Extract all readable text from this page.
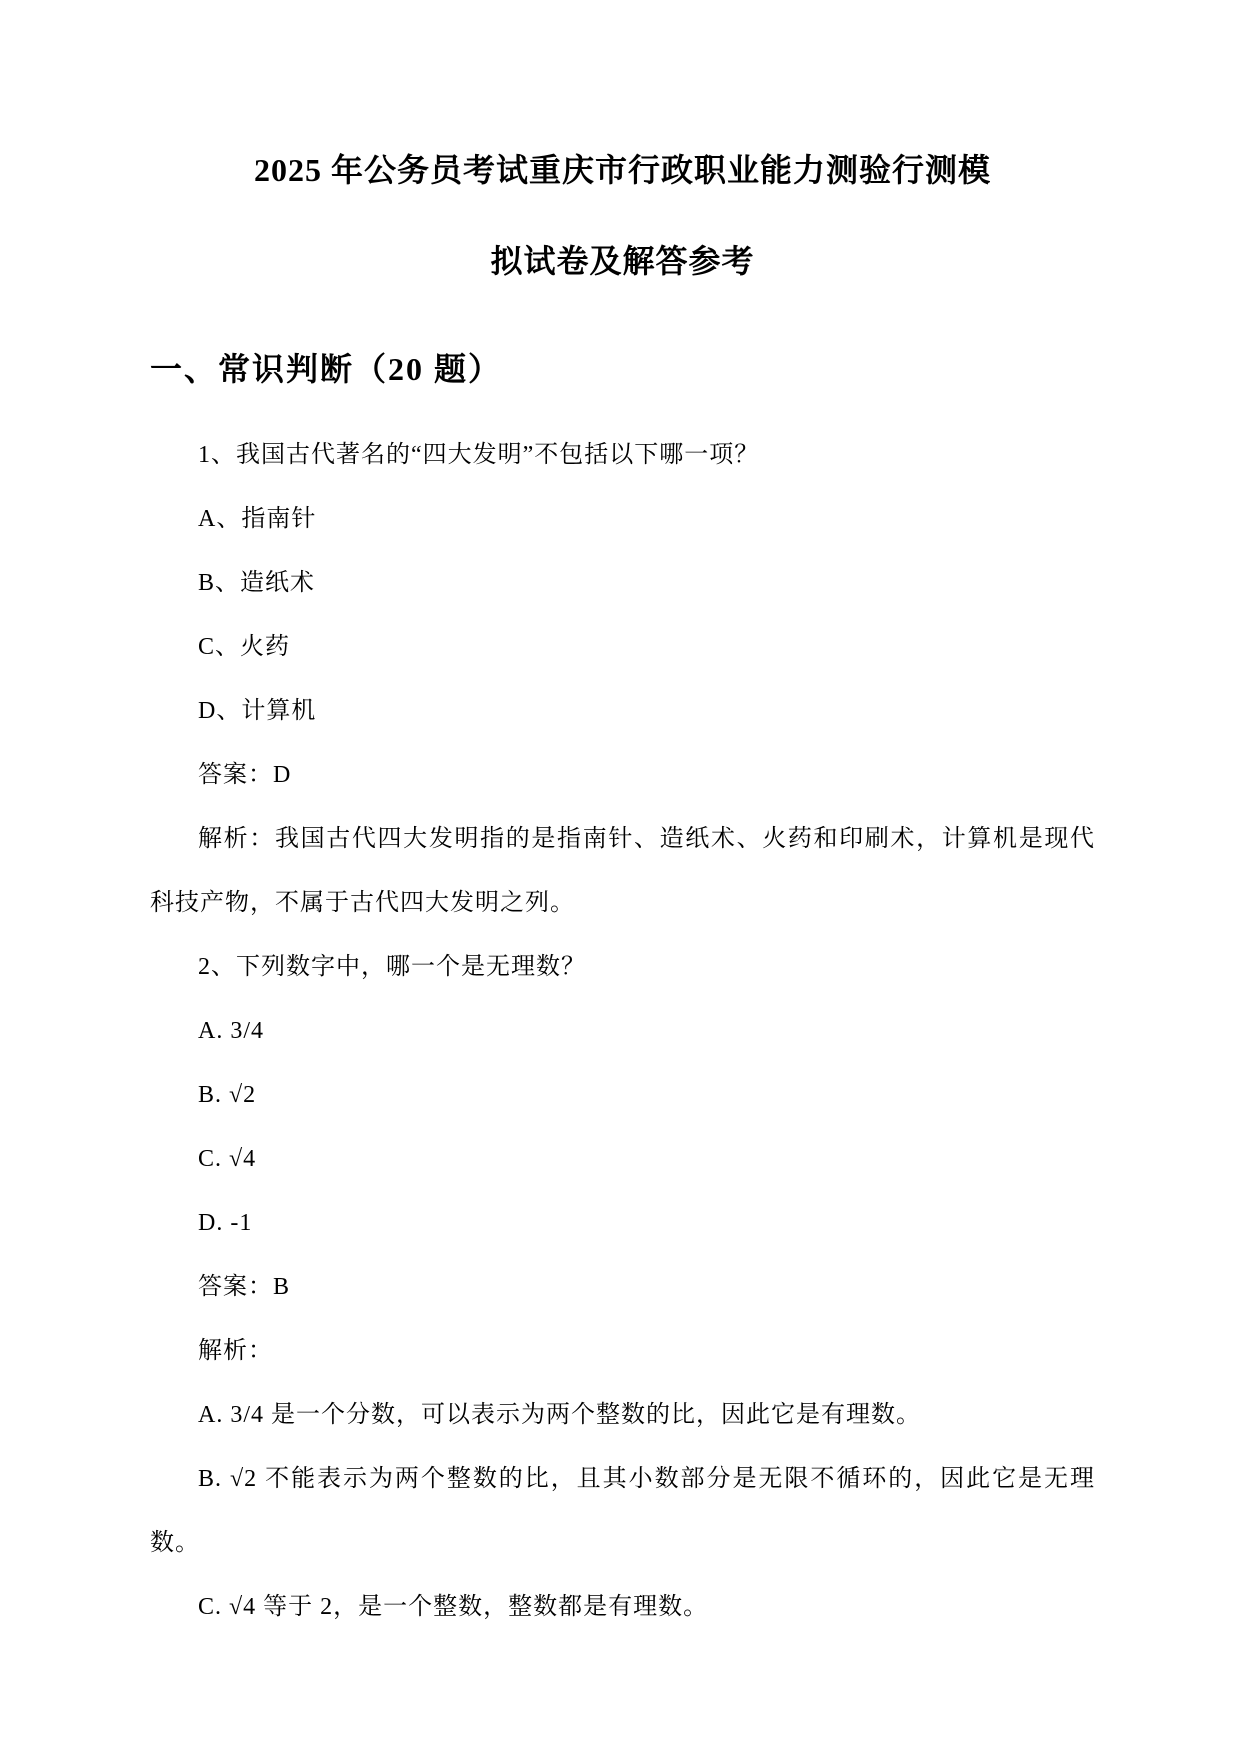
2025 年公务员考试重庆市行政职业能力测验行测模
拟试卷及解答参考
一、常识判断（20 题）

1、我国古代著名的“四大发明”不包括以下哪一项？

A、指南针

B、造纸术

C、火药

D、计算机

答案：D

解析：我国古代四大发明指的是指南针、造纸术、火药和印刷术，计算机是现代科技产物，不属于古代四大发明之列。

2、下列数字中，哪一个是无理数？

A. 3/4

B. √2

C. √4

D. -1

答案：B

解析：

A. 3/4 是一个分数，可以表示为两个整数的比，因此它是有理数。

B. √2 不能表示为两个整数的比，且其小数部分是无限不循环的，因此它是无理数。

C. √4 等于 2，是一个整数，整数都是有理数。
